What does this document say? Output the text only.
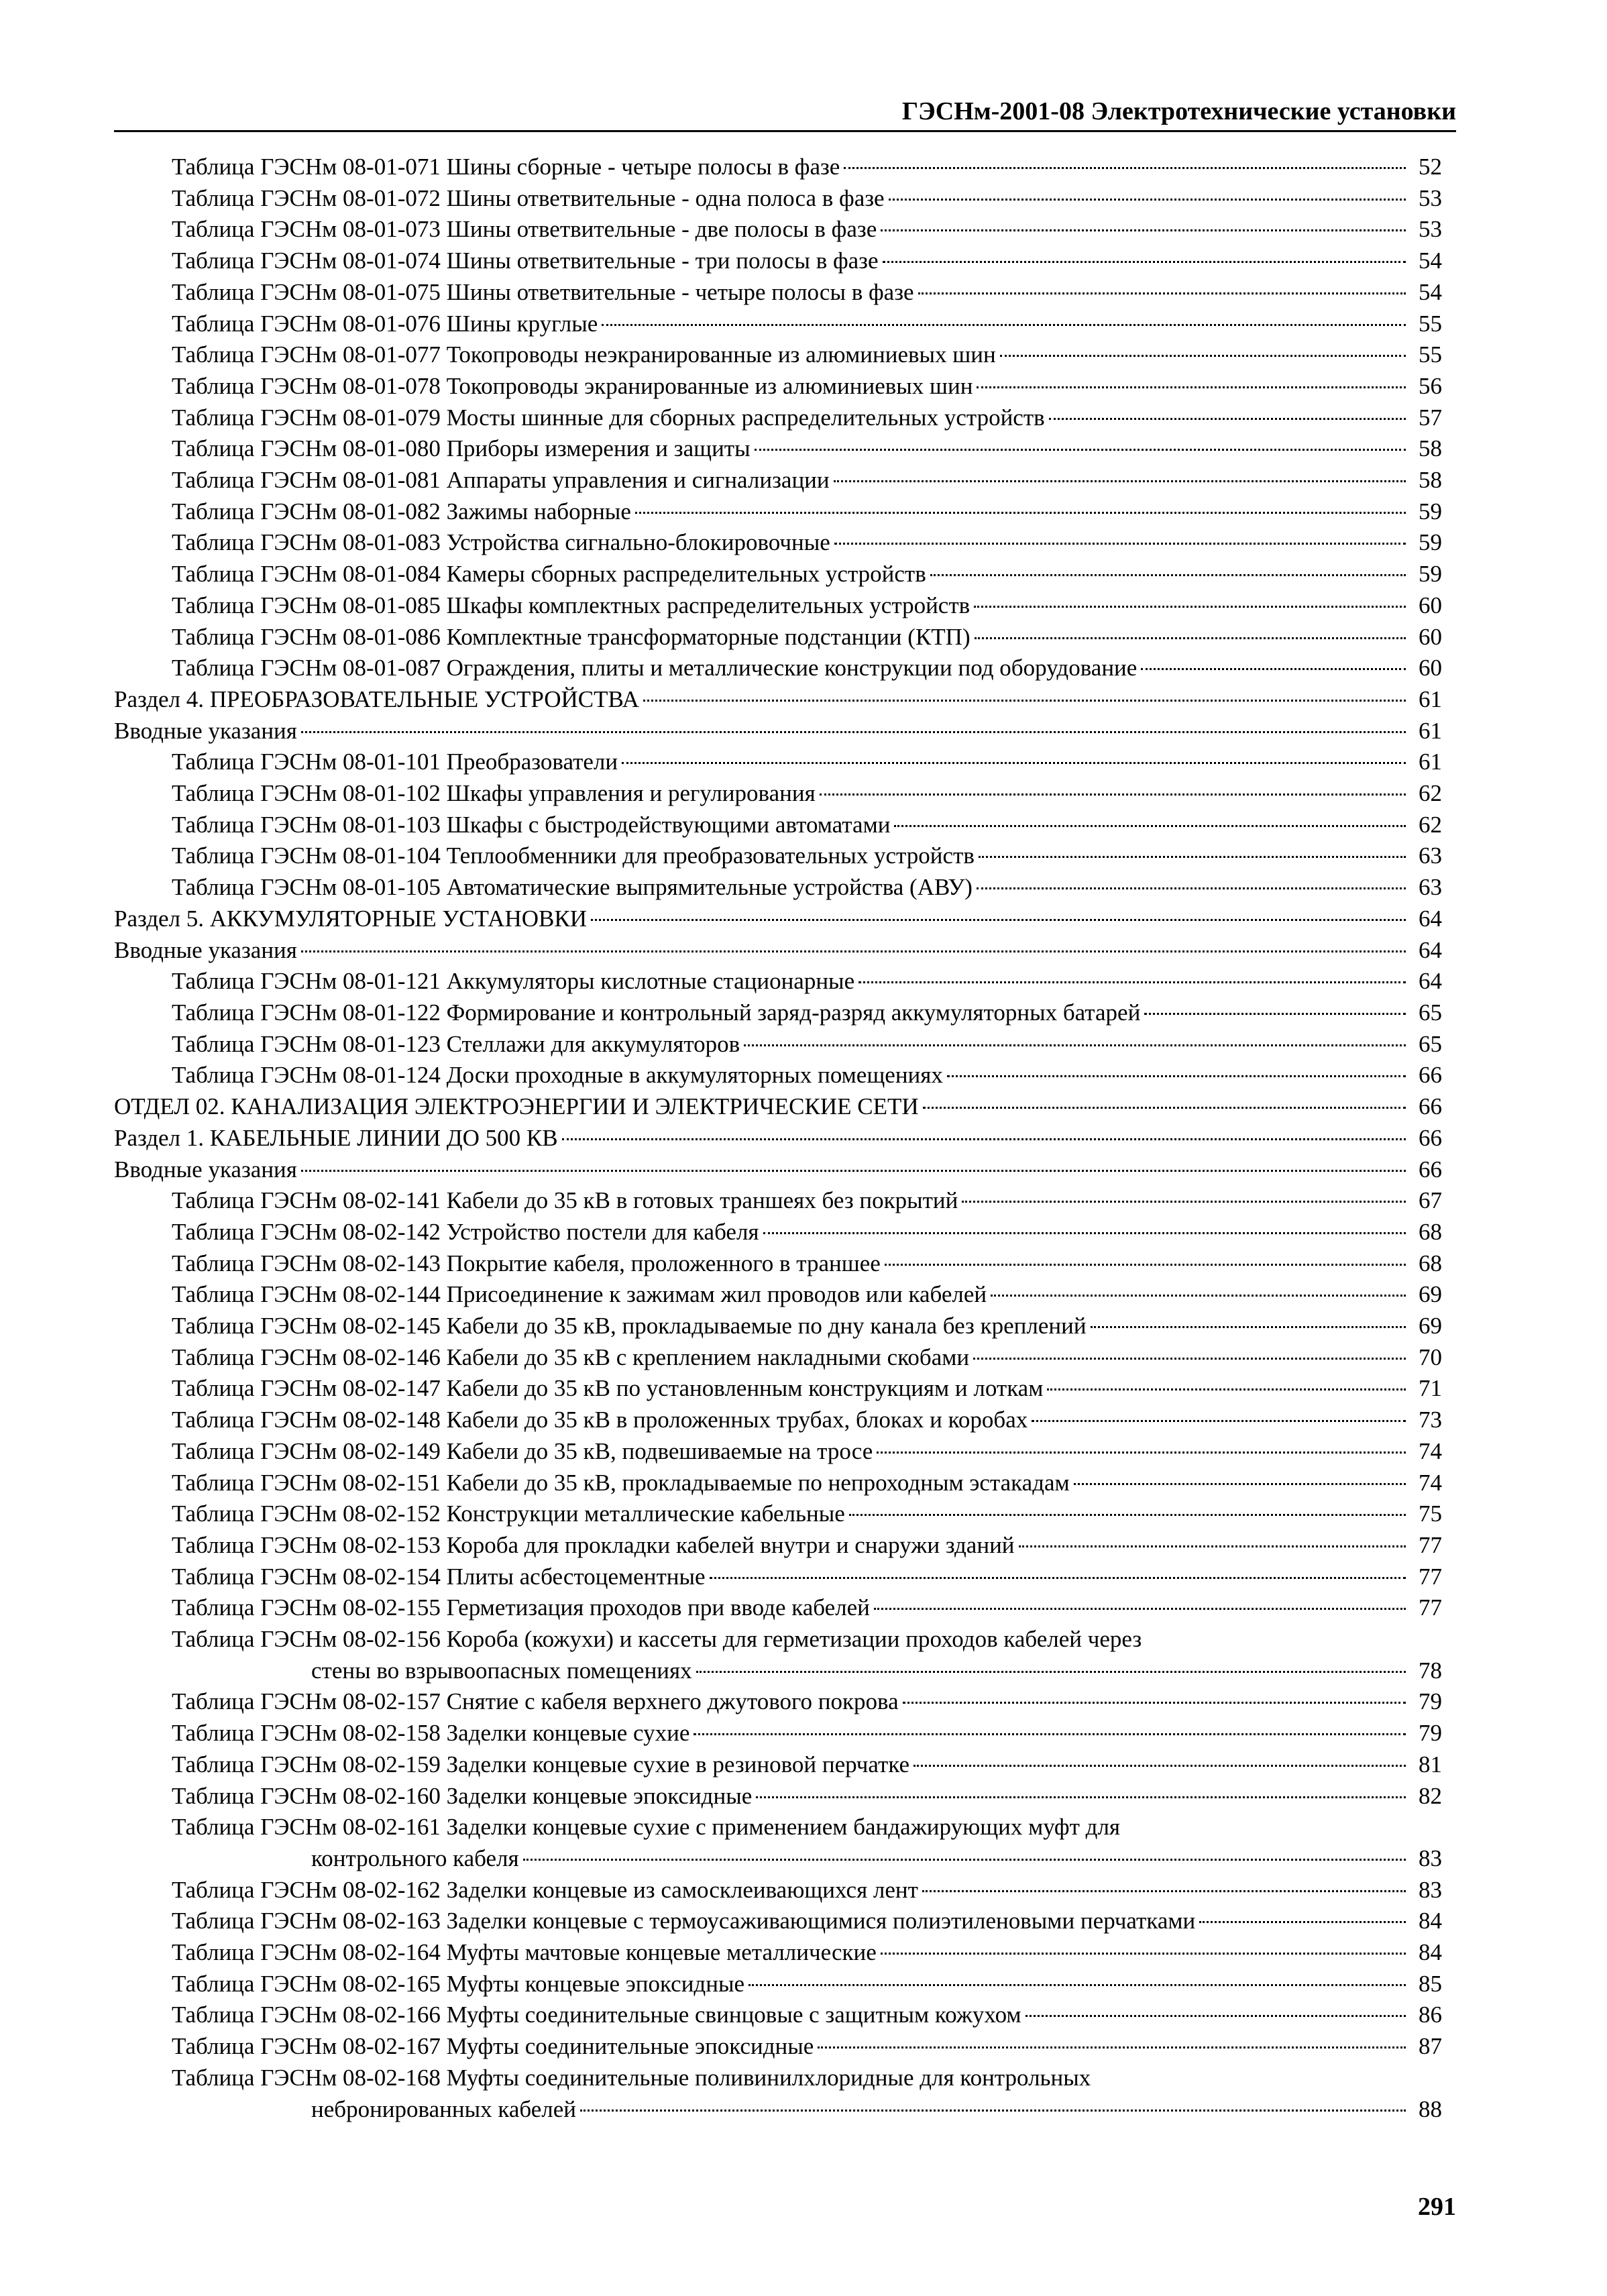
ГЭСНм-2001-08 Электротехнические установки
Таблица ГЭСНм 08-01-071 Шины сборные - четыре полосы в фазе	52
Таблица ГЭСНм 08-01-072 Шины ответвительные - одна полоса в фазе	53
Таблица ГЭСНм 08-01-073 Шины ответвительные - две полосы в фазе	53
Таблица ГЭСНм 08-01-074 Шины ответвительные - три полосы в фазе	54
Таблица ГЭСНм 08-01-075 Шины ответвительные - четыре полосы в фазе	54
Таблица ГЭСНм 08-01-076 Шины круглые	55
Таблица ГЭСНм 08-01-077 Токопроводы неэкранированные из алюминиевых шин	55
Таблица ГЭСНм 08-01-078 Токопроводы экранированные из алюминиевых шин	56
Таблица ГЭСНм 08-01-079 Мосты шинные для сборных распределительных устройств	57
Таблица ГЭСНм 08-01-080 Приборы измерения и защиты	58
Таблица ГЭСНм 08-01-081 Аппараты управления и сигнализации	58
Таблица ГЭСНм 08-01-082 Зажимы наборные	59
Таблица ГЭСНм 08-01-083 Устройства сигнально-блокировочные	59
Таблица ГЭСНм 08-01-084 Камеры сборных распределительных устройств	59
Таблица ГЭСНм 08-01-085 Шкафы комплектных распределительных устройств	60
Таблица ГЭСНм 08-01-086 Комплектные трансформаторные подстанции (КТП)	60
Таблица ГЭСНм 08-01-087 Ограждения, плиты и металлические конструкции под оборудование	60
Раздел 4. ПРЕОБРАЗОВАТЕЛЬНЫЕ УСТРОЙСТВА	61
Вводные указания	61
Таблица ГЭСНм 08-01-101 Преобразователи	61
Таблица ГЭСНм 08-01-102 Шкафы управления и регулирования	62
Таблица ГЭСНм 08-01-103 Шкафы с быстродействующими автоматами	62
Таблица ГЭСНм 08-01-104 Теплообменники для преобразовательных устройств	63
Таблица ГЭСНм 08-01-105 Автоматические выпрямительные устройства (АВУ)	63
Раздел 5. АККУМУЛЯТОРНЫЕ УСТАНОВКИ	64
Вводные указания	64
Таблица ГЭСНм 08-01-121 Аккумуляторы кислотные стационарные	64
Таблица ГЭСНм 08-01-122 Формирование и контрольный заряд-разряд аккумуляторных батарей	65
Таблица ГЭСНм 08-01-123 Стеллажи для аккумуляторов	65
Таблица ГЭСНм 08-01-124 Доски проходные в аккумуляторных помещениях	66
ОТДЕЛ 02. КАНАЛИЗАЦИЯ ЭЛЕКТРОЭНЕРГИИ И ЭЛЕКТРИЧЕСКИЕ СЕТИ	66
Раздел 1. КАБЕЛЬНЫЕ ЛИНИИ ДО 500 КВ	66
Вводные указания	66
Таблица ГЭСНм 08-02-141 Кабели до 35 кВ в готовых траншеях без покрытий	67
Таблица ГЭСНм 08-02-142 Устройство постели для кабеля	68
Таблица ГЭСНм 08-02-143 Покрытие кабеля, проложенного в траншее	68
Таблица ГЭСНм 08-02-144 Присоединение к зажимам жил проводов или кабелей	69
Таблица ГЭСНм 08-02-145 Кабели до 35 кВ, прокладываемые по дну канала без креплений	69
Таблица ГЭСНм 08-02-146 Кабели до 35 кВ с креплением накладными скобами	70
Таблица ГЭСНм 08-02-147 Кабели до 35 кВ по установленным конструкциям и лоткам	71
Таблица ГЭСНм 08-02-148 Кабели до 35 кВ в проложенных трубах, блоках и коробах	73
Таблица ГЭСНм 08-02-149 Кабели до 35 кВ, подвешиваемые на тросе	74
Таблица ГЭСНм 08-02-151 Кабели до 35 кВ, прокладываемые по непроходным эстакадам	74
Таблица ГЭСНм 08-02-152 Конструкции металлические кабельные	75
Таблица ГЭСНм 08-02-153 Короба для прокладки кабелей внутри и снаружи зданий	77
Таблица ГЭСНм 08-02-154 Плиты асбестоцементные	77
Таблица ГЭСНм 08-02-155 Герметизация проходов при вводе кабелей	77
Таблица ГЭСНм 08-02-156 Короба (кожухи) и кассеты для герметизации проходов кабелей через
стены во взрывоопасных помещениях	78
Таблица ГЭСНм 08-02-157 Снятие с кабеля верхнего джутового покрова	79
Таблица ГЭСНм 08-02-158 Заделки концевые сухие	79
Таблица ГЭСНм 08-02-159 Заделки концевые сухие в резиновой перчатке	81
Таблица ГЭСНм 08-02-160 Заделки концевые эпоксидные	82
Таблица ГЭСНм 08-02-161 Заделки концевые сухие с применением бандажирующих муфт для
контрольного кабеля	83
Таблица ГЭСНм 08-02-162 Заделки концевые из самосклеивающихся лент	83
Таблица ГЭСНм 08-02-163 Заделки концевые с термоусаживающимися полиэтиленовыми перчатками	84
Таблица ГЭСНм 08-02-164 Муфты мачтовые концевые металлические	84
Таблица ГЭСНм 08-02-165 Муфты концевые эпоксидные	85
Таблица ГЭСНм 08-02-166 Муфты соединительные свинцовые с защитным кожухом	86
Таблица ГЭСНм 08-02-167 Муфты соединительные эпоксидные	87
Таблица ГЭСНм 08-02-168 Муфты соединительные поливинилхлоридные для контрольных
небронированных кабелей	88
291
